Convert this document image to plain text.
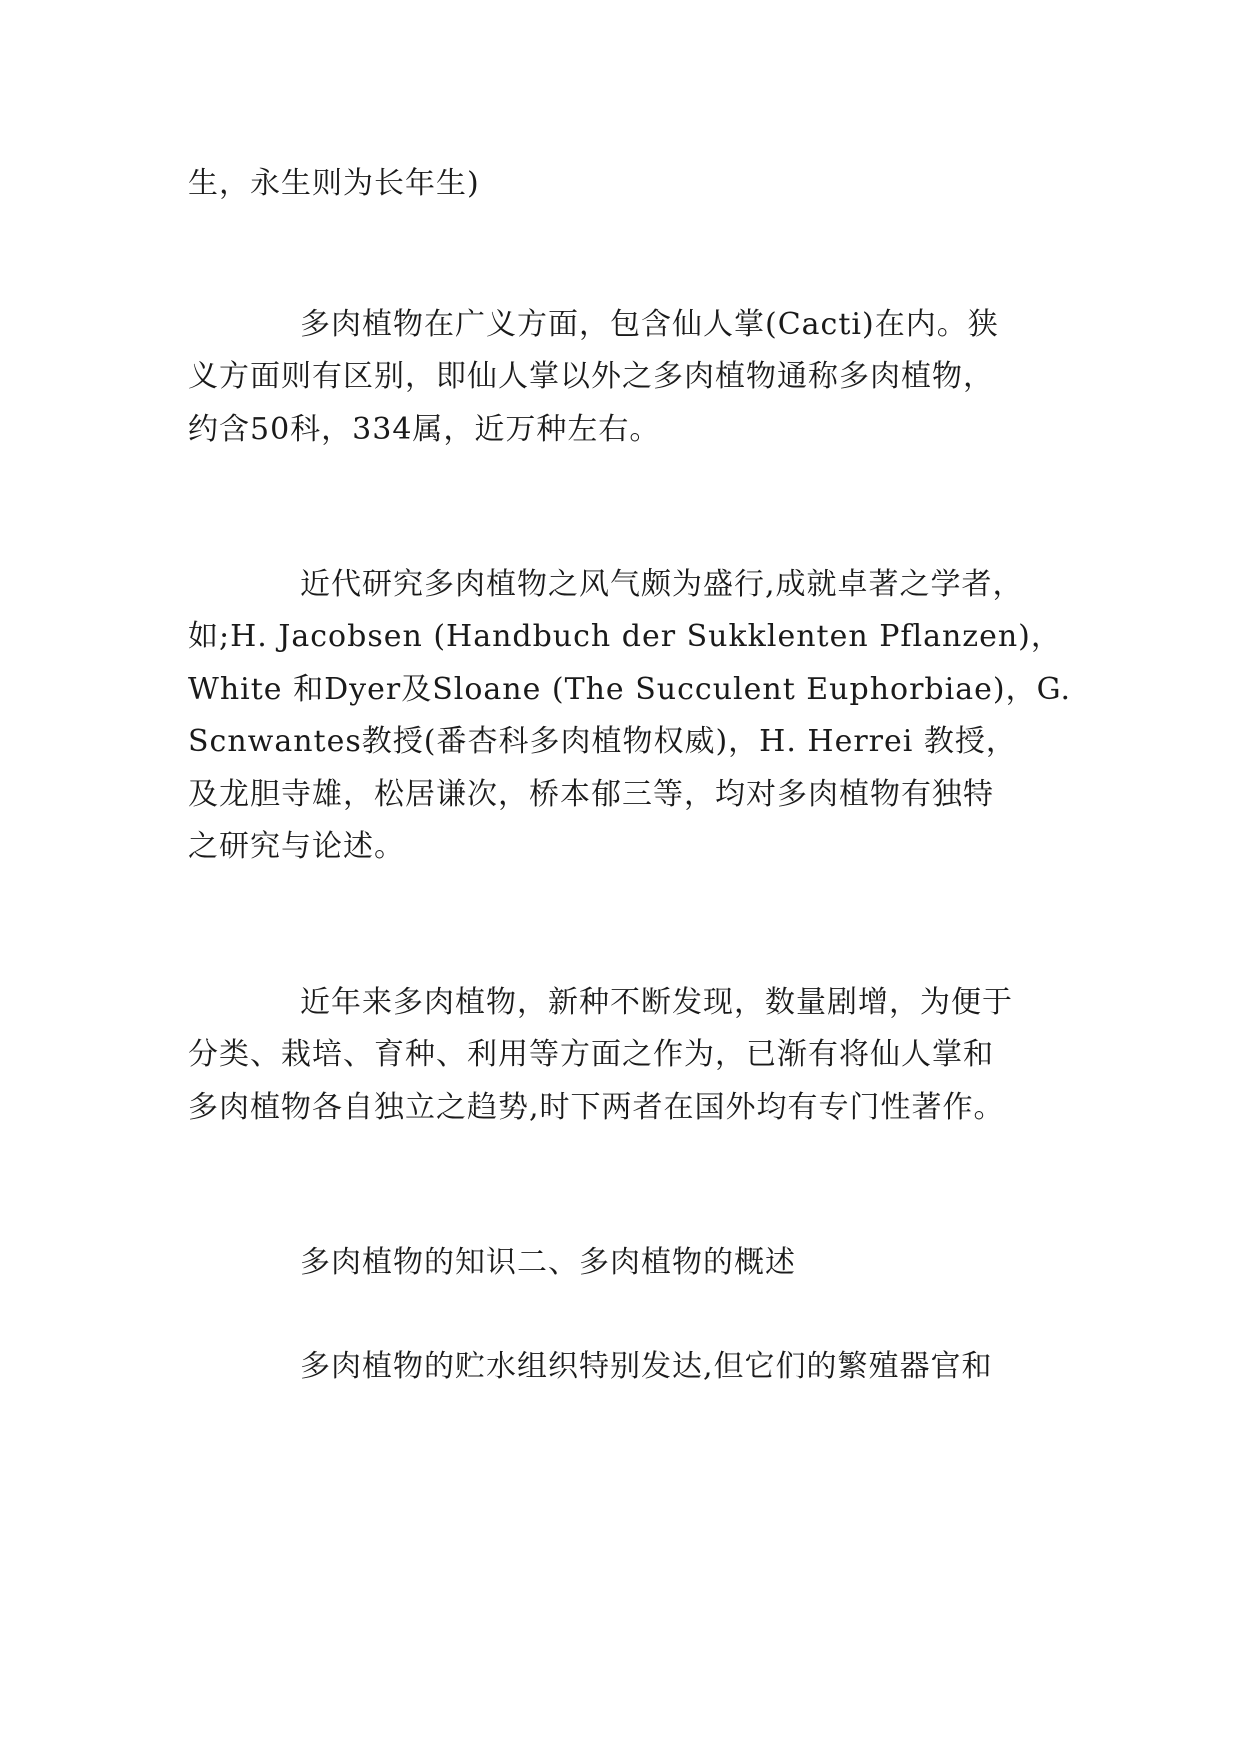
生，永生则为长年生)
多肉植物在广义方面，包含仙人掌(Cacti)在内。狭
义方面则有区别，即仙人掌以外之多肉植物通称多肉植物，
约含50科，334属，近万种左右。
近代研究多肉植物之风气颇为盛行,成就卓著之学者，
如;H. Jacobsen (Handbuch der Sukklenten Pflanzen)，
White 和Dyer及Sloane (The Succulent Euphorbiae)，G.
Scnwantes教授(番杏科多肉植物权威)，H. Herrei 教授，
及龙胆寺雄，松居谦次，桥本郁三等，均对多肉植物有独特
之研究与论述。
近年来多肉植物，新种不断发现，数量剧增，为便于
分类、栽培、育种、利用等方面之作为，已渐有将仙人掌和
多肉植物各自独立之趋势,时下两者在国外均有专门性著作。
多肉植物的知识二、多肉植物的概述
多肉植物的贮水组织特别发达,但它们的繁殖器官和
